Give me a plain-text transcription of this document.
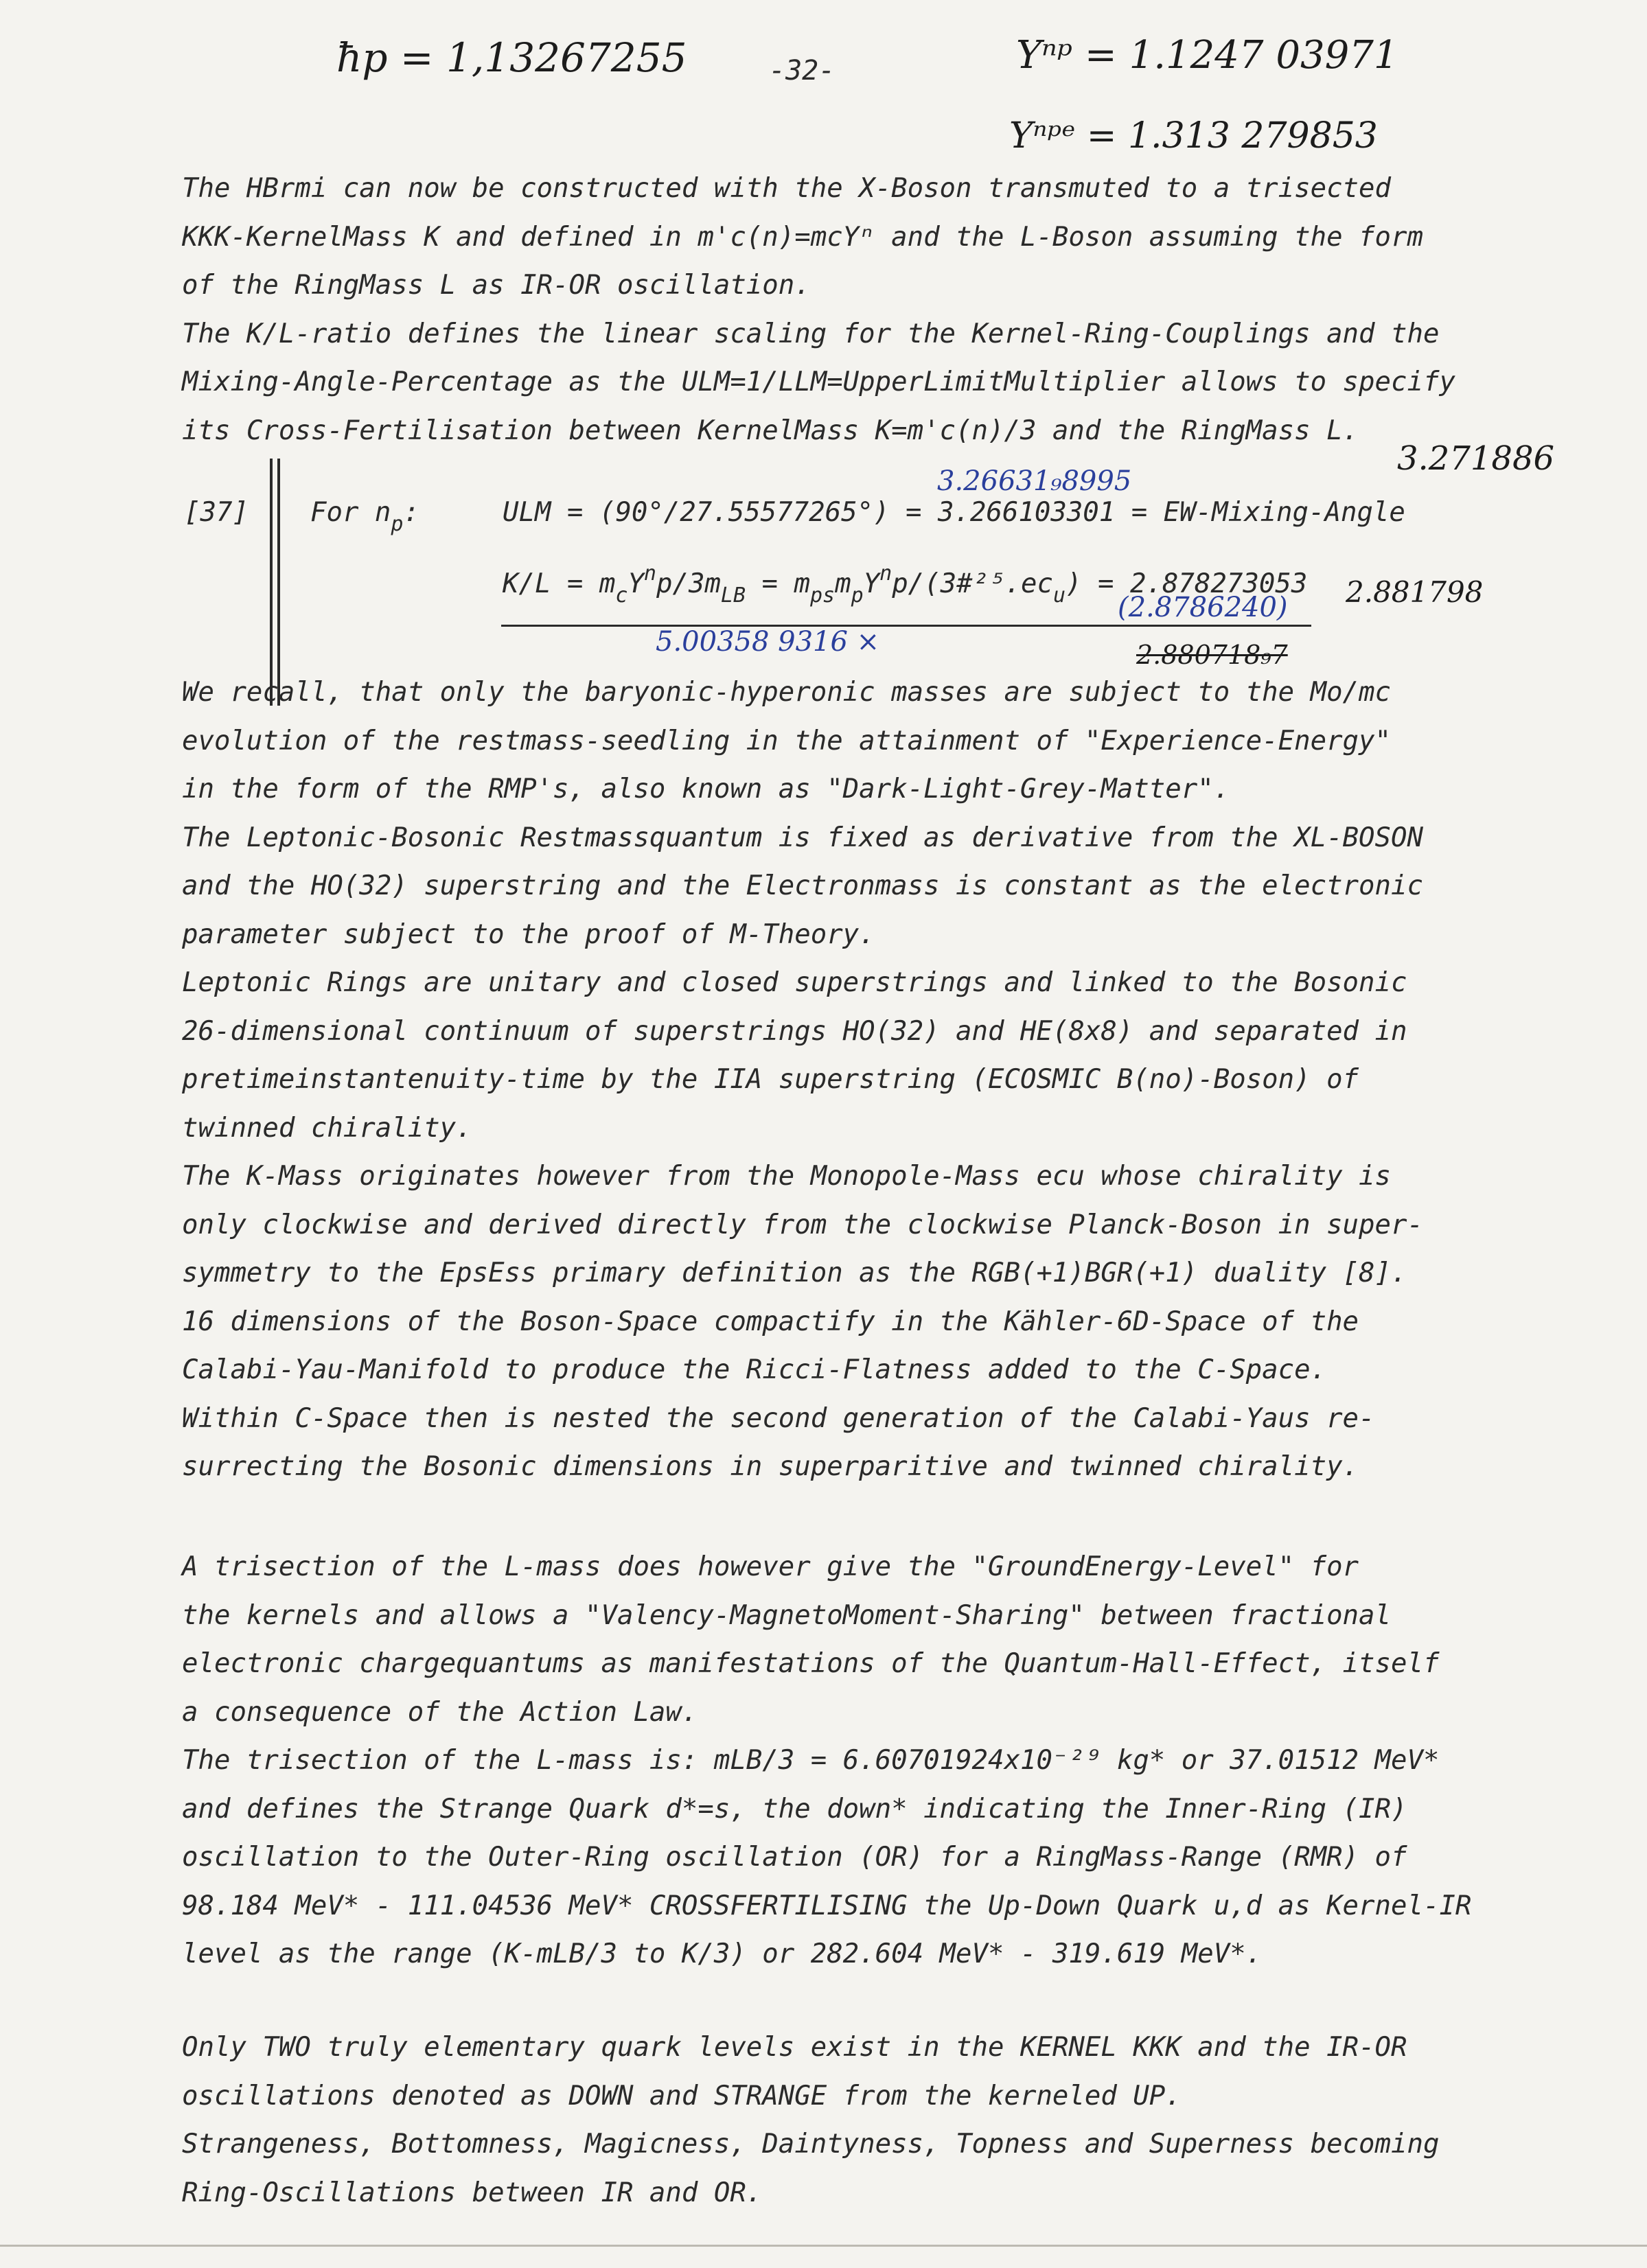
ħp = 1,13267255	-32-	Yⁿᵖ = 1.1247 03971
Yⁿᵖᵉ = 1.313 279853

The HBrmi can now be constructed with the X-Boson transmuted to a trisected

KKK-KernelMass K and defined in m'c(n)=mcYⁿ and the L-Boson assuming the form

of the RingMass L as IR-OR oscillation.

The K/L-ratio defines the linear scaling for the Kernel-Ring-Couplings and the

Mixing-Angle-Percentage as the ULM=1/LLM=UpperLimitMultiplier allows to specify

its Cross-Fertilisation between KernelMass K=m'c(n)/3 and the RingMass L.

[37] For $n_p$:
3.26631₉8995
3.271886
ULM = (90°/27.55577265°) = 3.266103301 = EW-Mixing-Angle
$K/L = m_cY^np/3m_{LB}$ = $m_{ps}m_pY^np/(3\#^{25}.ec_u) = 2.878273053$
(2.8786240) 2.881798
5.00358 9316 ×	2.880718₉7

We recall, that only the baryonic-hyperonic masses are subject to the Mo/mc

evolution of the restmass-seedling in the attainment of "Experience-Energy"

in the form of the RMP's, also known as "Dark-Light-Grey-Matter".

The Leptonic-Bosonic Restmassquantum is fixed as derivative from the XL-BOSON

and the HO(32) superstring and the Electronmass is constant as the electronic

parameter subject to the proof of M-Theory.

Leptonic Rings are unitary and closed superstrings and linked to the Bosonic

26-dimensional continuum of superstrings HO(32) and HE(8x8) and separated in

pretimeinstantenuity-time by the IIA superstring (ECOSMIC B(no)-Boson) of

twinned chirality.

The K-Mass originates however from the Monopole-Mass ecu whose chirality is

only clockwise and derived directly from the clockwise Planck-Boson in super-

symmetry to the EpsEss primary definition as the RGB(+1)BGR(+1) duality [8].

16 dimensions of the Boson-Space compactify in the Kähler-6D-Space of the

Calabi-Yau-Manifold to produce the Ricci-Flatness added to the C-Space.

Within C-Space then is nested the second generation of the Calabi-Yaus re-

surrecting the Bosonic dimensions in superparitive and twinned chirality.

A trisection of the L-mass does however give the "GroundEnergy-Level" for

the kernels and allows a "Valency-MagnetoMoment-Sharing" between fractional

electronic chargequantums as manifestations of the Quantum-Hall-Effect, itself

a consequence of the Action Law.

The trisection of the L-mass is: mLB/3 = 6.60701924x10⁻²⁹ kg* or 37.01512 MeV*

and defines the Strange Quark d*=s, the down* indicating the Inner-Ring (IR)

oscillation to the Outer-Ring oscillation (OR) for a RingMass-Range (RMR) of

98.184 MeV* - 111.04536 MeV* CROSSFERTILISING the Up-Down Quark u,d as Kernel-IR

level as the range (K-mLB/3 to K/3) or 282.604 MeV* - 319.619 MeV*.

Only TWO truly elementary quark levels exist in the KERNEL KKK and the IR-OR

oscillations denoted as DOWN and STRANGE from the kerneled UP.

Strangeness, Bottomness, Magicness, Daintyness, Topness and Superness becoming

Ring-Oscillations between IR and OR.
